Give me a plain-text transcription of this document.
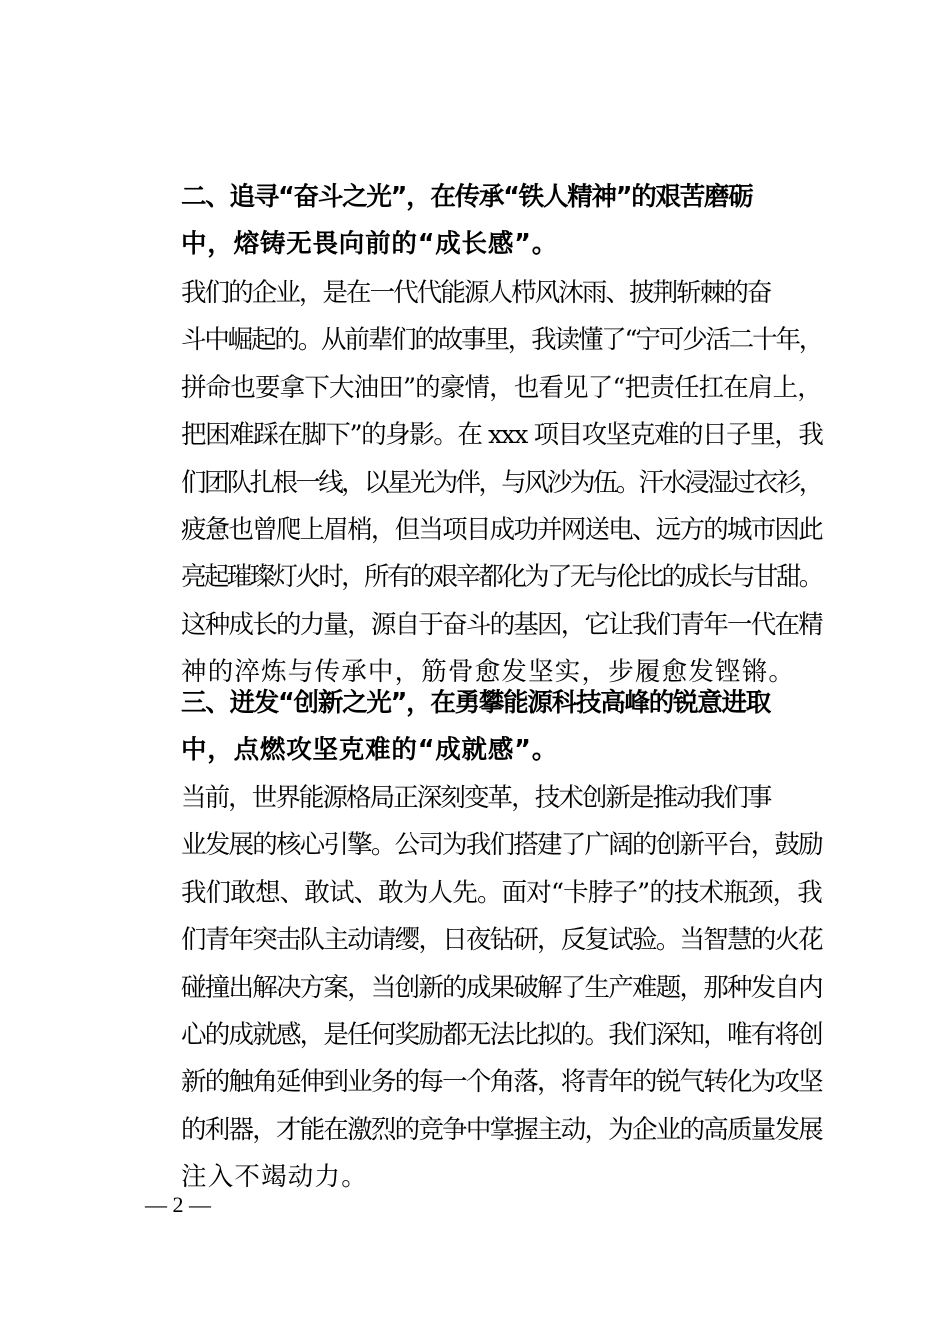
二、追寻“奋斗之光”，在传承“铁人精神”的艰苦磨砺
中，熔铸无畏向前的“成长感”。

我们的企业，是在一代代能源人栉风沐雨、披荆斩棘的奋
斗中崛起的。从前辈们的故事里，我读懂了“宁可少活二十年，
拼命也要拿下大油田”的豪情，也看见了“把责任扛在肩上，
把困难踩在脚下”的身影。在 xxx 项目攻坚克难的日子里，我
们团队扎根一线，以星光为伴，与风沙为伍。汗水浸湿过衣衫，
疲惫也曾爬上眉梢，但当项目成功并网送电、远方的城市因此
亮起璀璨灯火时，所有的艰辛都化为了无与伦比的成长与甘甜。
这种成长的力量，源自于奋斗的基因，它让我们青年一代在精
神的淬炼与传承中，筋骨愈发坚实，步履愈发铿锵。

三、迸发“创新之光”，在勇攀能源科技高峰的锐意进取
中，点燃攻坚克难的“成就感”。

当前，世界能源格局正深刻变革，技术创新是推动我们事
业发展的核心引擎。公司为我们搭建了广阔的创新平台，鼓励
我们敢想、敢试、敢为人先。面对“卡脖子”的技术瓶颈，我
们青年突击队主动请缨，日夜钻研，反复试验。当智慧的火花
碰撞出解决方案，当创新的成果破解了生产难题，那种发自内
心的成就感，是任何奖励都无法比拟的。我们深知，唯有将创
新的触角延伸到业务的每一个角落，将青年的锐气转化为攻坚
的利器，才能在激烈的竞争中掌握主动，为企业的高质量发展
注入不竭动力。

— 2 —
